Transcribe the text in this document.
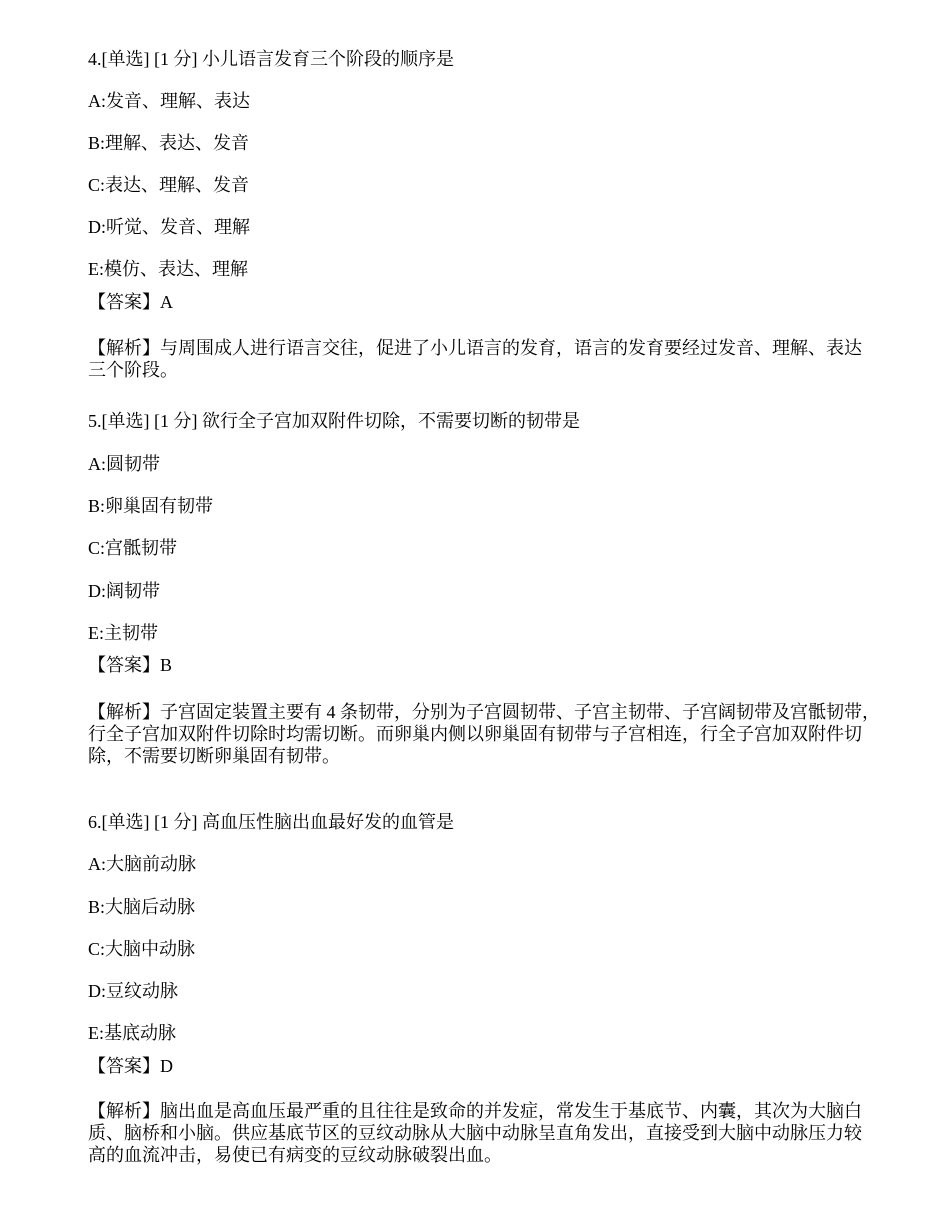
4.[单选] [1 分] 小儿语言发育三个阶段的顺序是
A:发音、理解、表达
B:理解、表达、发音
C:表达、理解、发音
D:听觉、发音、理解
E:模仿、表达、理解
【答案】A
【解析】与周围成人进行语言交往，促进了小儿语言的发育，语言的发育要经过发音、理解、表达
三个阶段。
5.[单选] [1 分] 欲行全子宫加双附件切除，不需要切断的韧带是
A:圆韧带
B:卵巢固有韧带
C:宫骶韧带
D:阔韧带
E:主韧带
【答案】B
【解析】子宫固定装置主要有 4 条韧带，分别为子宫圆韧带、子宫主韧带、子宫阔韧带及宫骶韧带，
行全子宫加双附件切除时均需切断。而卵巢内侧以卵巢固有韧带与子宫相连，行全子宫加双附件切
除，不需要切断卵巢固有韧带。
6.[单选] [1 分] 高血压性脑出血最好发的血管是
A:大脑前动脉
B:大脑后动脉
C:大脑中动脉
D:豆纹动脉
E:基底动脉
【答案】D
【解析】脑出血是高血压最严重的且往往是致命的并发症，常发生于基底节、内囊，其次为大脑白
质、脑桥和小脑。供应基底节区的豆纹动脉从大脑中动脉呈直角发出，直接受到大脑中动脉压力较
高的血流冲击，易使已有病变的豆纹动脉破裂出血。
